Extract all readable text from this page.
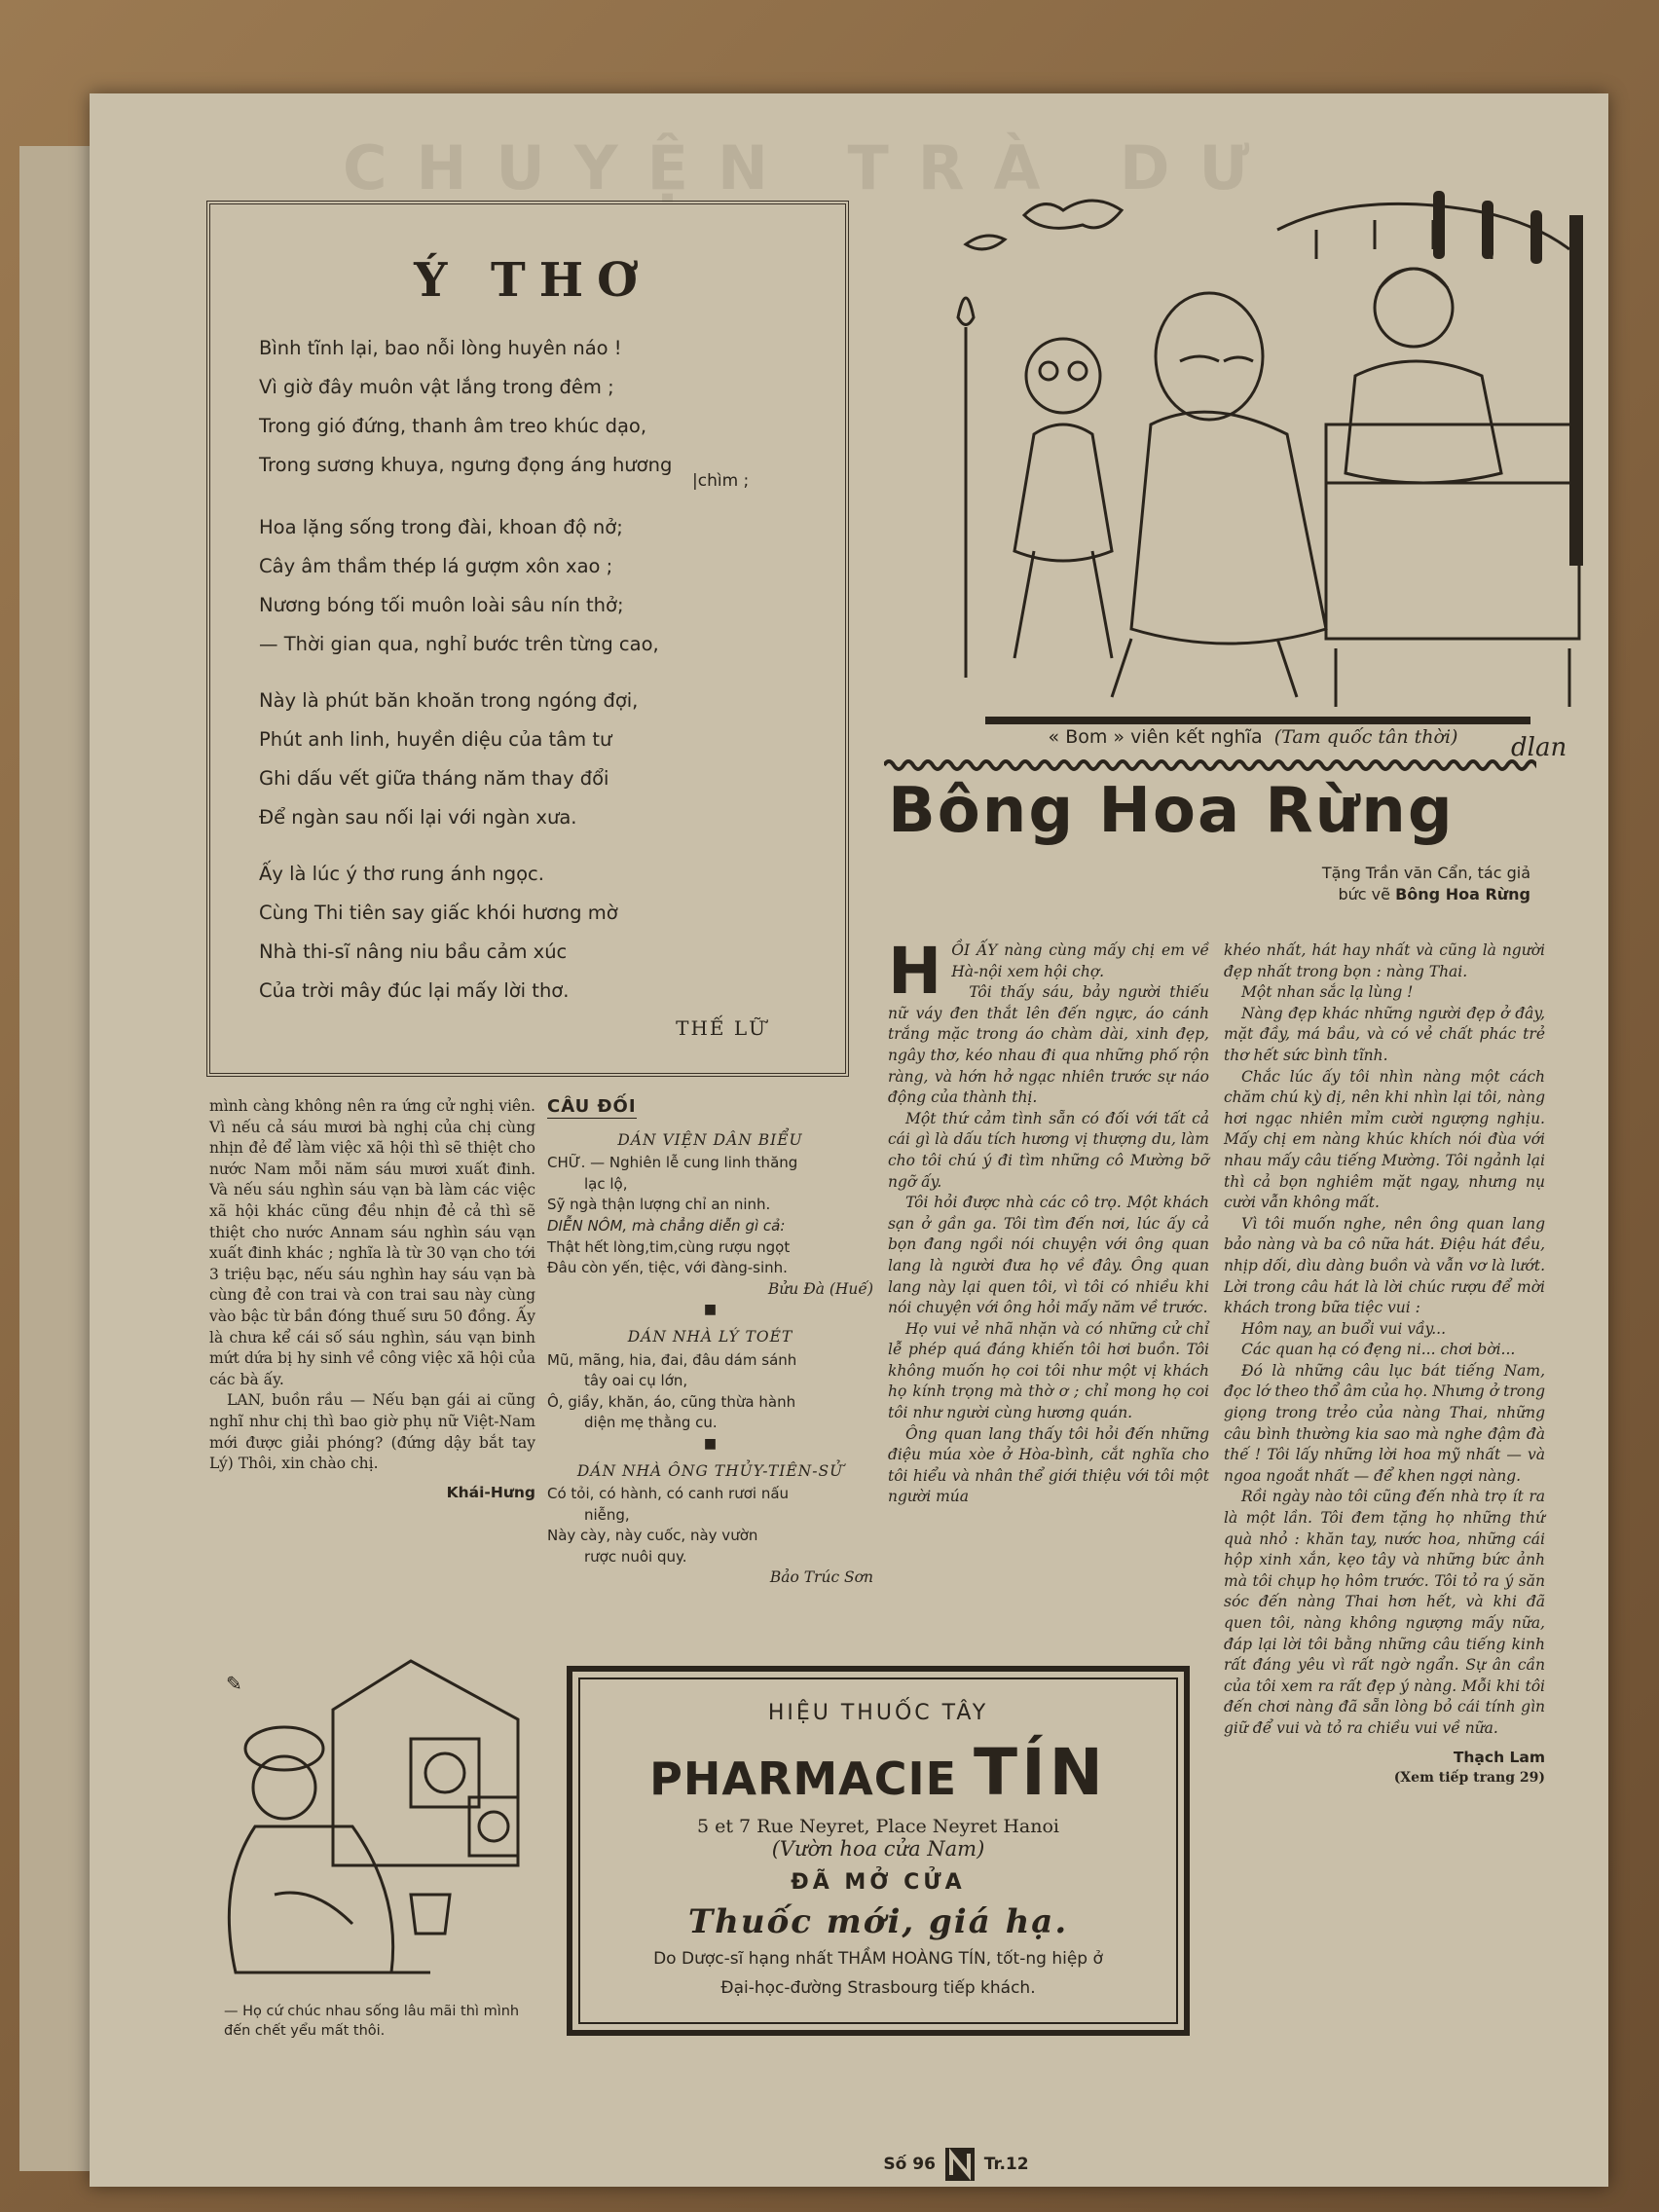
CHUYỆN TRÀ DƯ
Ý THƠ
Bình tĩnh lại, bao nỗi lòng huyên náo !
Vì giờ đây muôn vật lắng trong đêm ;
Trong gió đứng, thanh âm treo khúc dạo,
Trong sương khuya, ngưng đọng áng hương
|chìm ;
Hoa lặng sống trong đài, khoan độ nở;
Cây âm thầm thép lá gượm xôn xao ;
Nương bóng tối muôn loài sâu nín thở;
— Thời gian qua, nghỉ bước trên từng cao,
Này là phút băn khoăn trong ngóng đợi,
Phút anh linh, huyền diệu của tâm tư
Ghi dấu vết giữa tháng năm thay đổi
Để ngàn sau nối lại với ngàn xưa.
Ấy là lúc ý thơ rung ánh ngọc.
Cùng Thi tiên say giấc khói hương mờ
Nhà thi-sĩ nâng niu bầu cảm xúc
Của trời mây đúc lại mấy lời thơ.
THẾ LỮ
dlan
« Bom » viên kết nghĩa (Tam quốc tân thời)
Bông Hoa Rừng
Tặng Trần văn Cẩn, tác giả
bức vẽ Bông Hoa Rừng

mình càng không nên ra ứng cử nghị viên. Vì nếu cả sáu mươi bà nghị của chị cùng nhịn đẻ để làm việc xã hội thì sẽ thiệt cho nước Nam mỗi năm sáu mươi xuất đinh. Và nếu sáu nghìn sáu vạn bà làm các việc xã hội khác cũng đều nhịn đẻ cả thì sẽ thiệt cho nước Annam sáu nghìn sáu vạn xuất đinh khác ; nghĩa là từ 30 vạn cho tới 3 triệu bạc, nếu sáu nghìn hay sáu vạn bà cùng đẻ con trai và con trai sau này cùng vào bậc từ bần đóng thuế sưu 50 đồng. Ấy là chưa kể cái số sáu nghìn, sáu vạn binh mứt dứa bị hy sinh về công việc xã hội của các bà ấy.

LAN, buồn rầu — Nếu bạn gái ai cũng nghĩ như chị thì bao giờ phụ nữ Việt-Nam mới được giải phóng? (đứng dậy bắt tay Lý) Thôi, xin chào chị.

Khái-Hưng

CÂU ĐỐI
DÁN VIỆN DÂN BIỂU
CHỮ. — Nghiên lễ cung linh thăng
lạc lộ,
Sỹ ngà thận lượng chỉ an ninh.
DIỄN NÔM, mà chẳng diễn gì cả:
Thật hết lòng,tim,cùng rượu ngọt
Đâu còn yến, tiệc, với đàng-sinh.
Bửu Đà (Huế)
■
DÁN NHÀ LÝ TOÉT
Mũ, mãng, hia, đai, đâu dám sánh
tây oai cụ lớn,
Ô, giầy, khăn, áo, cũng thừa hành
diện mẹ thằng cu.
■
DÁN NHÀ ÔNG THỦY-TIÊN-SỬ
Có tỏi, có hành, có canh rươi nấu
niễng,
Này cày, này cuốc, này vườn
rược nuôi quy.
Bảo Trúc Sơn
H ỒI ẤY nàng cùng mấy chị em về Hà-nội xem hội chợ.

Tôi thấy sáu, bảy người thiếu nữ váy đen thắt lên đến ngực, áo cánh trắng mặc trong áo chàm dài, xinh đẹp, ngây thơ, kéo nhau đi qua những phố rộn ràng, và hớn hở ngạc nhiên trước sự náo động của thành thị.

Một thứ cảm tình sẵn có đối với tất cả cái gì là dấu tích hương vị thượng du, làm cho tôi chú ý đi tìm những cô Mường bỡ ngỡ ấy.

Tôi hỏi được nhà các cô trọ. Một khách sạn ở gần ga. Tôi tìm đến nơi, lúc ấy cả bọn đang ngồi nói chuyện với ông quan lang là người đưa họ về đây. Ông quan lang này lại quen tôi, vì tôi có nhiều khi nói chuyện với ông hỏi mấy năm về trước.

Họ vui vẻ nhã nhặn và có những cử chỉ lễ phép quá đáng khiến tôi hơi buồn. Tôi không muốn họ coi tôi như một vị khách họ kính trọng mà thờ ơ ; chỉ mong họ coi tôi như người cùng hương quán.

Ông quan lang thấy tôi hỏi đến những điệu múa xòe ở Hòa-bình, cắt nghĩa cho tôi hiểu và nhân thể giới thiệu với tôi một người múa

khéo nhất, hát hay nhất và cũng là người đẹp nhất trong bọn : nàng Thai.

Một nhan sắc lạ lùng !

Nàng đẹp khác những người đẹp ở đây, mặt đầy, má bầu, và có vẻ chất phác trẻ thơ hết sức bình tĩnh.

Chắc lúc ấy tôi nhìn nàng một cách chăm chú kỳ dị, nên khi nhìn lại tôi, nàng hơi ngạc nhiên mỉm cười ngượng nghịu. Mấy chị em nàng khúc khích nói đùa với nhau mấy câu tiếng Mường. Tôi ngảnh lại thì cả bọn nghiêm mặt ngay, nhưng nụ cười vẫn không mất.

Vì tôi muốn nghe, nên ông quan lang bảo nàng và ba cô nữa hát. Điệu hát đều, nhịp dối, dìu dàng buồn và vẫn vơ là lướt. Lời trong câu hát là lời chúc rượu để mời khách trong bữa tiệc vui :

Hôm nay, an buổi vui vầy...

Các quan hạ có đẹng ni... chơi bời...

Đó là những câu lục bát tiếng Nam, đọc lớ theo thổ âm của họ. Nhưng ở trong giọng trong trẻo của nàng Thai, những câu bình thường kia sao mà nghe đậm đà thế ! Tôi lấy những lời hoa mỹ nhất — và ngoa ngoắt nhất — để khen ngợi nàng.

Rồi ngày nào tôi cũng đến nhà trọ ít ra là một lần. Tôi đem tặng họ những thứ quà nhỏ : khăn tay, nước hoa, những cái hộp xinh xắn, kẹo tây và những bức ảnh mà tôi chụp họ hôm trước. Tôi tỏ ra ý săn sóc đến nàng Thai hơn hết, và khi đã quen tôi, nàng không ngượng mấy nữa, đáp lại lời tôi bằng những câu tiếng kinh rất đáng yêu vì rất ngờ ngẩn. Sự ân cần của tôi xem ra rất đẹp ý nàng. Mỗi khi tôi đến chơi nàng đã sẵn lòng bỏ cái tính gìn giữ để vui và tỏ ra chiều vui về nữa.

Thạch Lam

(Xem tiếp trang 29)

✎
— Họ cứ chúc nhau sống lâu mãi thì mình đến chết yểu mất thôi.
HIỆU THUỐC TÂY
PHARMACIE TÍN
5 et 7 Rue Neyret, Place Neyret Hanoi
(Vườn hoa cửa Nam)
ĐÃ MỞ CỬA
Thuốc mới, giá hạ.
Do Dược-sĩ hạng nhất THẦM HOÀNG TÍN, tốt-ng hiệp ở
Đại-học-đường Strasbourg tiếp khách.
Số 96	Tr.12
